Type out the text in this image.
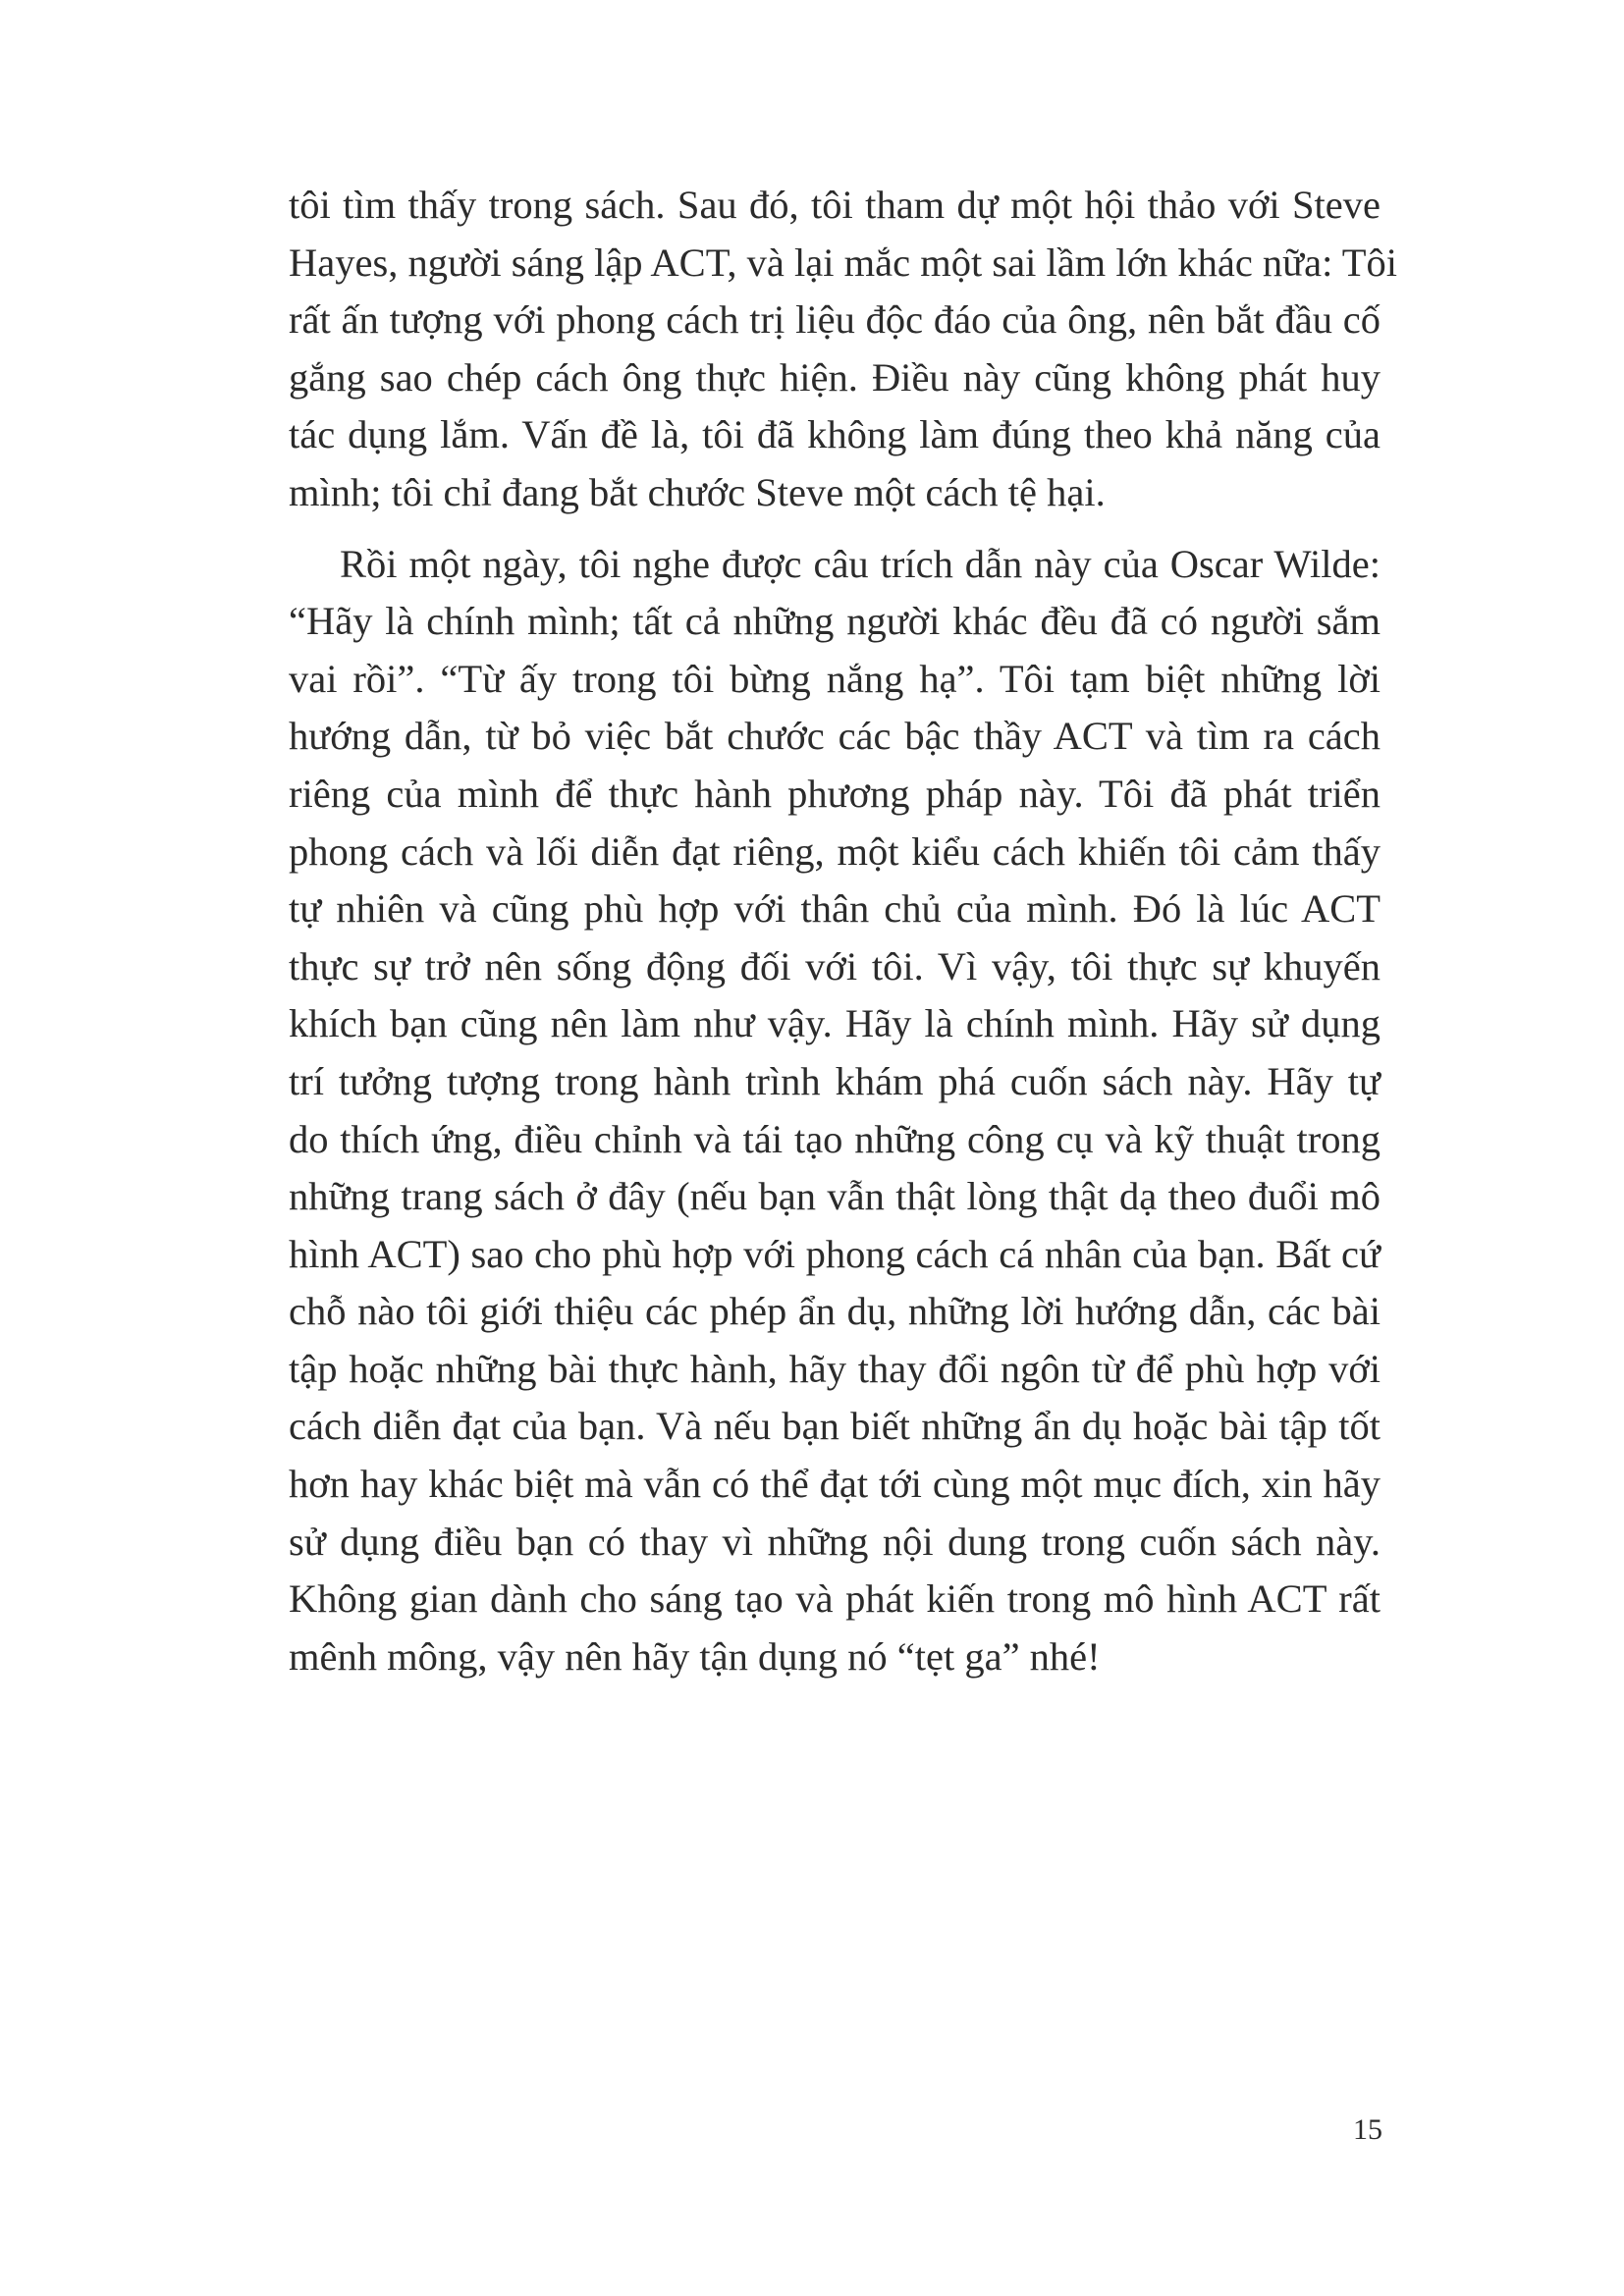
tôi tìm thấy trong sách. Sau đó, tôi tham dự một hội thảo với Steve
Hayes, người sáng lập ACT, và lại mắc một sai lầm lớn khác nữa: Tôi
rất ấn tượng với phong cách trị liệu độc đáo của ông, nên bắt đầu cố
gắng sao chép cách ông thực hiện. Điều này cũng không phát huy
tác dụng lắm. Vấn đề là, tôi đã không làm đúng theo khả năng của
mình; tôi chỉ đang bắt chước Steve một cách tệ hại.
Rồi một ngày, tôi nghe được câu trích dẫn này của Oscar Wilde:
“Hãy là chính mình; tất cả những người khác đều đã có người sắm
vai rồi”. “Từ ấy trong tôi bừng nắng hạ”. Tôi tạm biệt những lời
hướng dẫn, từ bỏ việc bắt chước các bậc thầy ACT và tìm ra cách
riêng của mình để thực hành phương pháp này. Tôi đã phát triển
phong cách và lối diễn đạt riêng, một kiểu cách khiến tôi cảm thấy
tự nhiên và cũng phù hợp với thân chủ của mình. Đó là lúc ACT
thực sự trở nên sống động đối với tôi. Vì vậy, tôi thực sự khuyến
khích bạn cũng nên làm như vậy. Hãy là chính mình. Hãy sử dụng
trí tưởng tượng trong hành trình khám phá cuốn sách này. Hãy tự
do thích ứng, điều chỉnh và tái tạo những công cụ và kỹ thuật trong
những trang sách ở đây (nếu bạn vẫn thật lòng thật dạ theo đuổi mô
hình ACT) sao cho phù hợp với phong cách cá nhân của bạn. Bất cứ
chỗ nào tôi giới thiệu các phép ẩn dụ, những lời hướng dẫn, các bài
tập hoặc những bài thực hành, hãy thay đổi ngôn từ để phù hợp với
cách diễn đạt của bạn. Và nếu bạn biết những ẩn dụ hoặc bài tập tốt
hơn hay khác biệt mà vẫn có thể đạt tới cùng một mục đích, xin hãy
sử dụng điều bạn có thay vì những nội dung trong cuốn sách này.
Không gian dành cho sáng tạo và phát kiến trong mô hình ACT rất
mênh mông, vậy nên hãy tận dụng nó “tẹt ga” nhé!
15
